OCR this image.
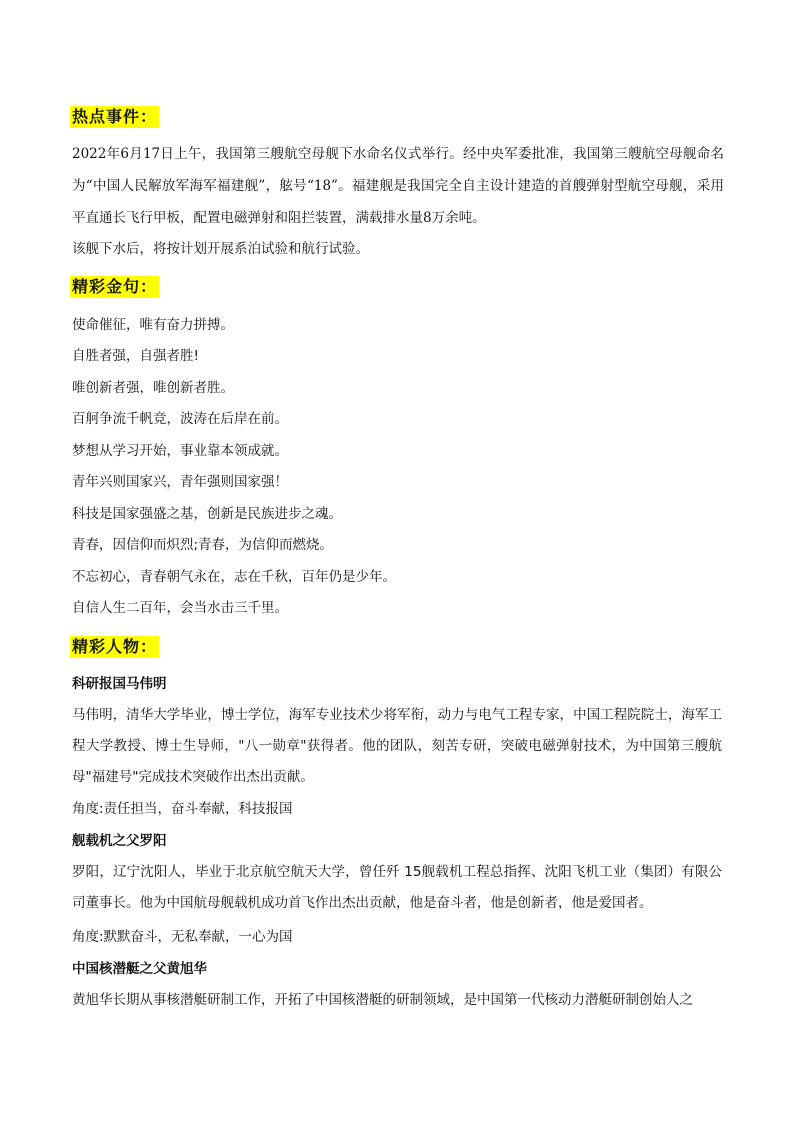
热点事件：

2022年6月17日上午，我国第三艘航空母舰下水命名仪式举行。经中央军委批准，我国第三艘航空母舰命名为“中国人民解放军海军福建舰”，舷号“18”。福建舰是我国完全自主设计建造的首艘弹射型航空母舰，采用平直通长飞行甲板，配置电磁弹射和阻拦装置，满载排水量8万余吨。

该舰下水后，将按计划开展系泊试验和航行试验。
精彩金句：
使命催征，唯有奋力拼搏。
自胜者强，自强者胜!
唯创新者强，唯创新者胜。
百舸争流千帆竞，波涛在后岸在前。
梦想从学习开始，事业靠本领成就。
青年兴则国家兴，青年强则国家强！
科技是国家强盛之基，创新是民族进步之魂。
青春，因信仰而炽烈;青春，为信仰而燃烧。
不忘初心，青春朝气永在，志在千秋，百年仍是少年。
自信人生二百年，会当水击三千里。
精彩人物：
科研报国马伟明

马伟明，清华大学毕业，博士学位，海军专业技术少将军衔，动力与电气工程专家，中国工程院院士，海军工程大学教授、博士生导师，"八一勋章"获得者。他的团队，刻苦专研，突破电磁弹射技术，为中国第三艘航母"福建号"完成技术突破作出杰出贡献。

角度:责任担当，奋斗奉献，科技报国
舰载机之父罗阳

罗阳，辽宁沈阳人，毕业于北京航空航天大学，曾任歼 15舰载机工程总指挥、沈阳飞机工业（集团）有限公司董事长。他为中国航母舰载机成功首飞作出杰出贡献，他是奋斗者，他是创新者，他是爱国者。

角度:默默奋斗，无私奉献，一心为国
中国核潜艇之父黄旭华

黄旭华长期从事核潜艇研制工作，开拓了中国核潜艇的研制领域，是中国第一代核动力潜艇研制创始人之
